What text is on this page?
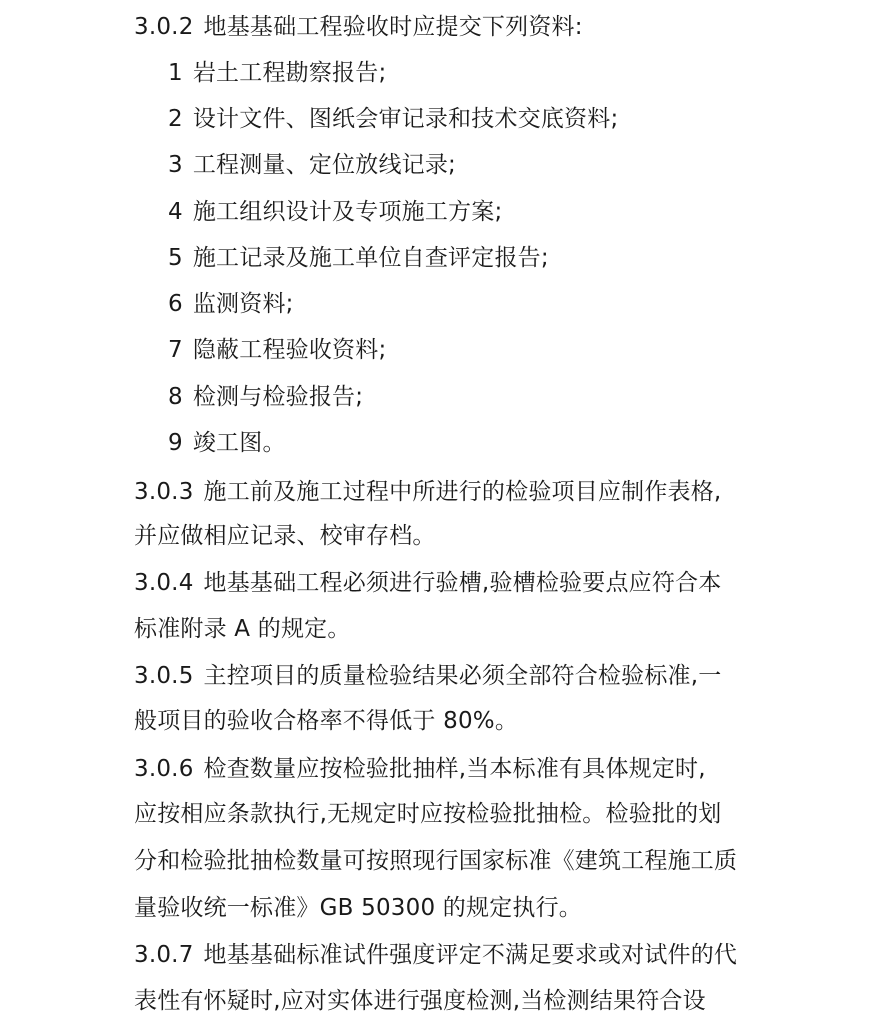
3.0.2 地基基础工程验收时应提交下列资料:
1 岩土工程勘察报告;
2 设计文件、图纸会审记录和技术交底资料;
3 工程测量、定位放线记录;
4 施工组织设计及专项施工方案;
5 施工记录及施工单位自查评定报告;
6 监测资料;
7 隐蔽工程验收资料;
8 检测与检验报告;
9 竣工图。
3.0.3 施工前及施工过程中所进行的检验项目应制作表格,
并应做相应记录、校审存档。
3.0.4 地基基础工程必须进行验槽,验槽检验要点应符合本
标准附录 A 的规定。
3.0.5 主控项目的质量检验结果必须全部符合检验标准,一
般项目的验收合格率不得低于 80%。
3.0.6 检查数量应按检验批抽样,当本标准有具体规定时,
应按相应条款执行,无规定时应按检验批抽检。检验批的划
分和检验批抽检数量可按照现行国家标准《建筑工程施工质
量验收统一标准》GB 50300 的规定执行。
3.0.7 地基基础标准试件强度评定不满足要求或对试件的代
表性有怀疑时,应对实体进行强度检测,当检测结果符合设
